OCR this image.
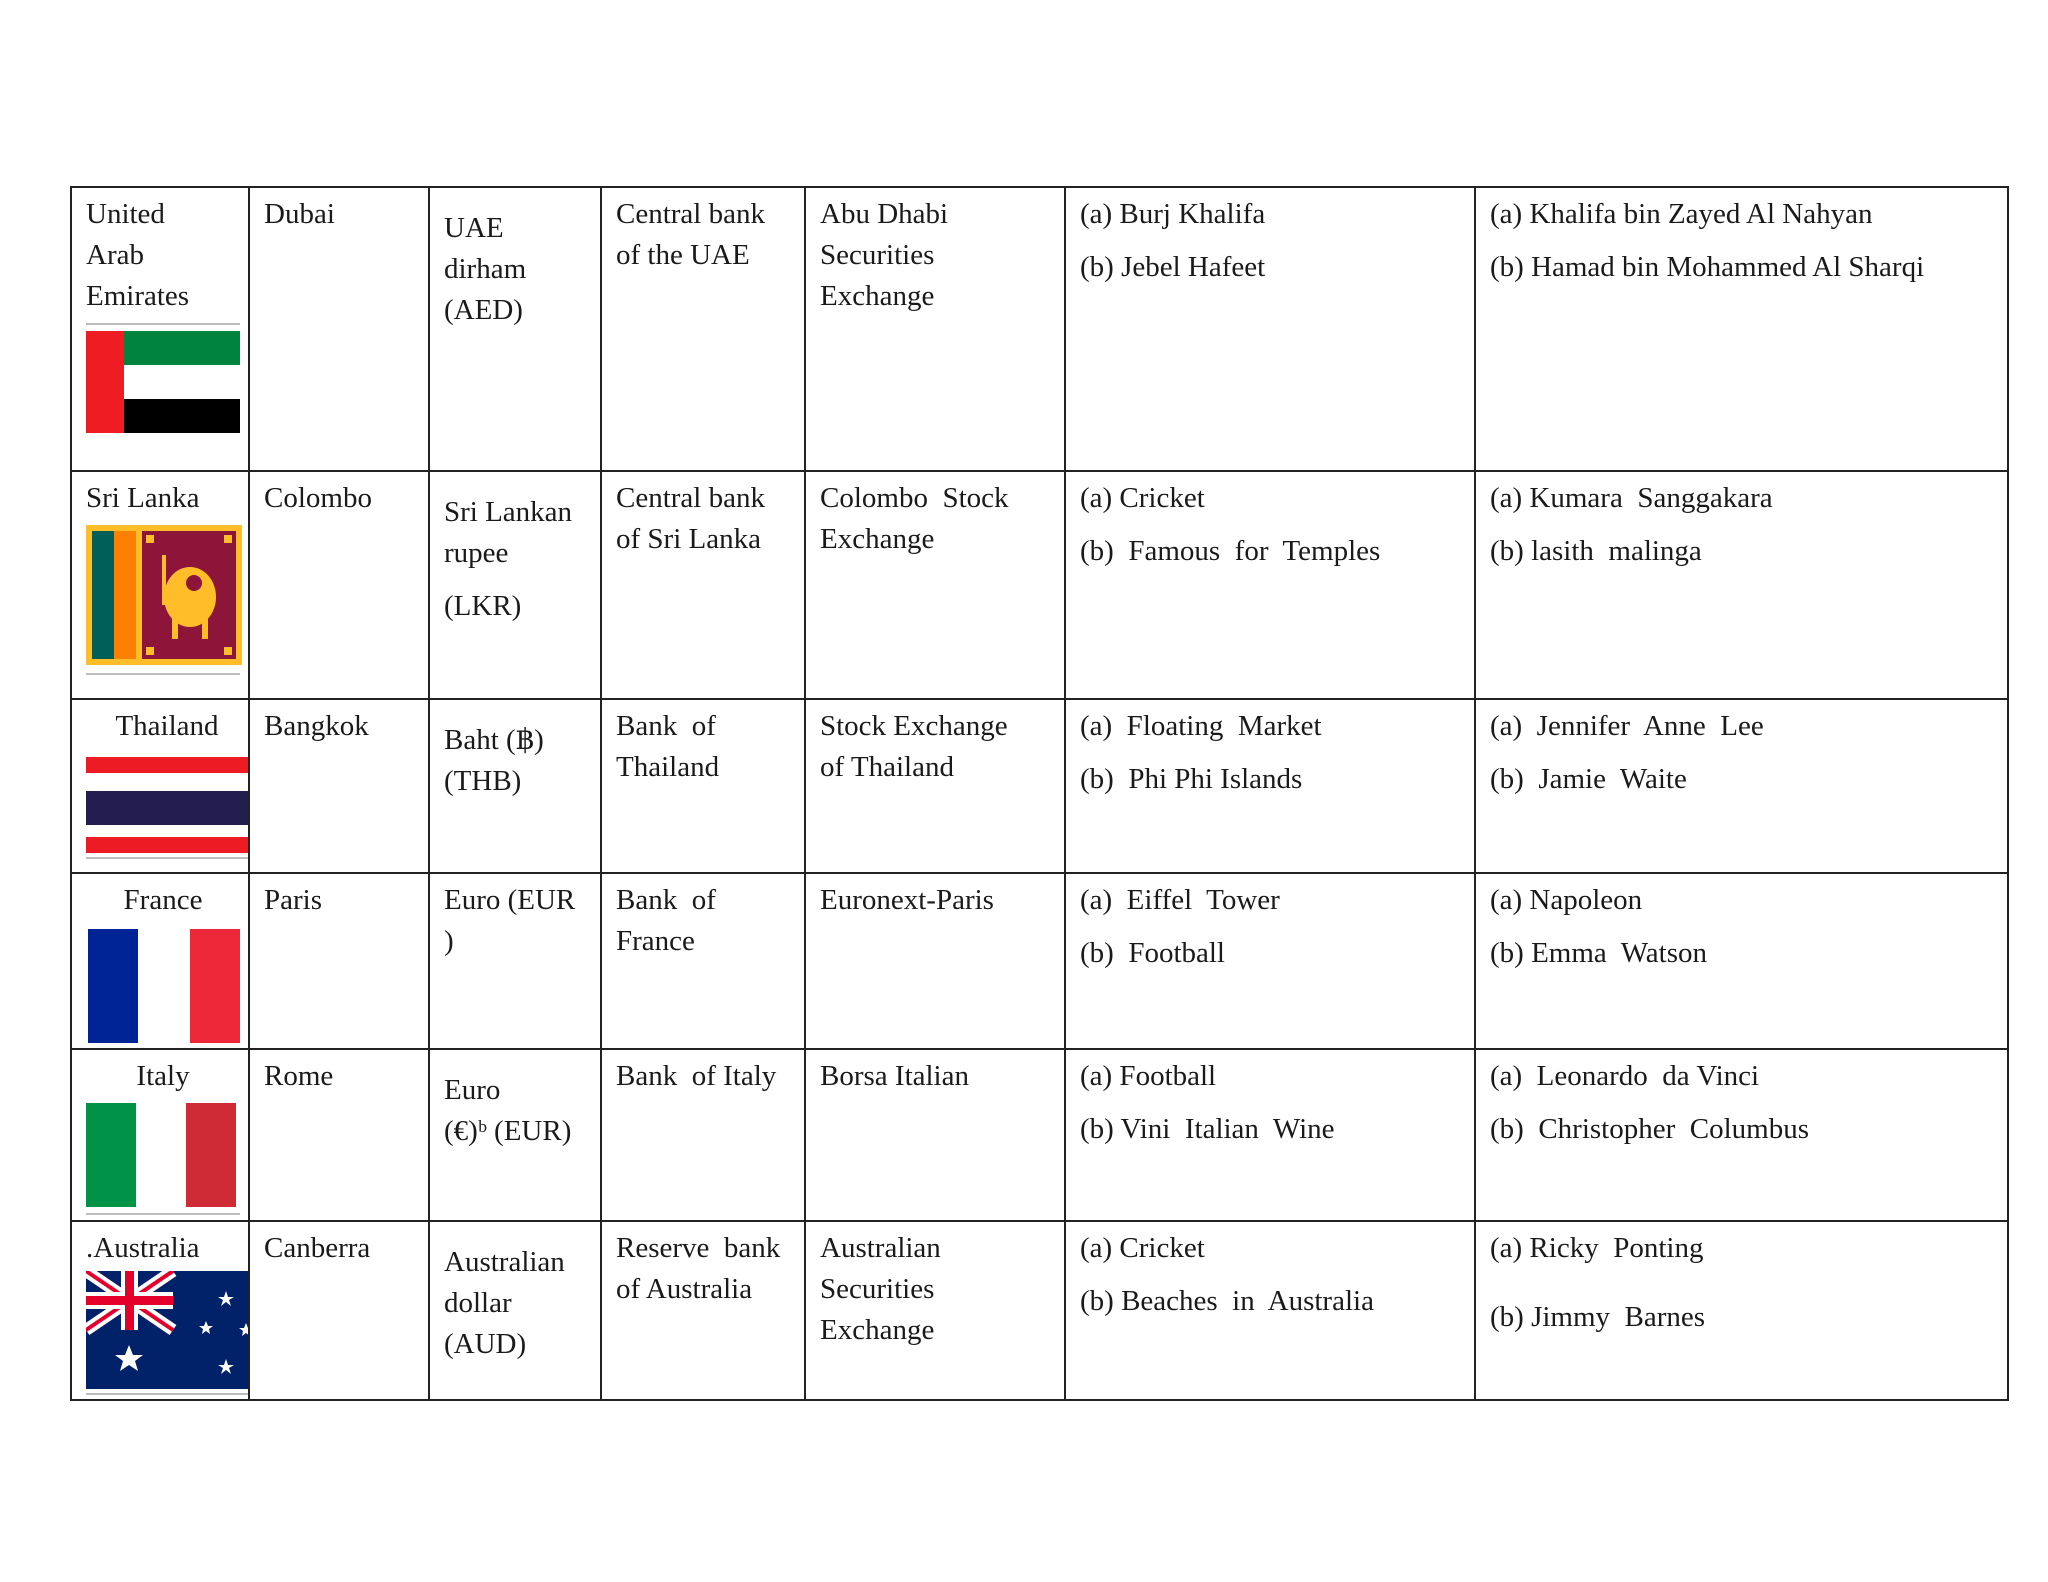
United
Arab
Emirates	Dubai	UAE
dirham
(AED)	Central bank
of the UAE	Abu Dhabi
Securities
Exchange	(a) Burj Khalifa
(b) Jebel Hafeet	(a) Khalifa bin Zayed Al Nahyan
(b) Hamad bin Mohammed Al Sharqi

Sri Lanka	Colombo	Sri Lankan
rupee
(LKR)	Central bank
of Sri Lanka	Colombo  Stock
Exchange	(a) Cricket
(b)  Famous  for  Temples	(a) Kumara  Sanggakara
(b) lasith  malinga

Thailand	Bangkok	Baht (฿)
(THB)	Bank  of
Thailand	Stock Exchange
of Thailand	(a)  Floating  Market
(b)  Phi Phi Islands	(a)  Jennifer  Anne  Lee
(b)  Jamie  Waite

France	Paris	Euro (EUR
)	Bank  of
France	Euronext-Paris	(a)  Eiffel  Tower
(b)  Football	(a) Napoleon
(b) Emma  Watson

Italy	Rome	Euro
(€)ᵇ (EUR)	Bank  of Italy	Borsa Italian	(a) Football
(b) Vini  Italian  Wine	(a)  Leonardo  da Vinci
(b)  Christopher  Columbus

.Australia	Canberra	Australian
dollar
(AUD)	Reserve  bank
of Australia	Australian
Securities
Exchange	(a) Cricket
(b) Beaches  in  Australia	(a) Ricky  Ponting
(b) Jimmy  Barnes
